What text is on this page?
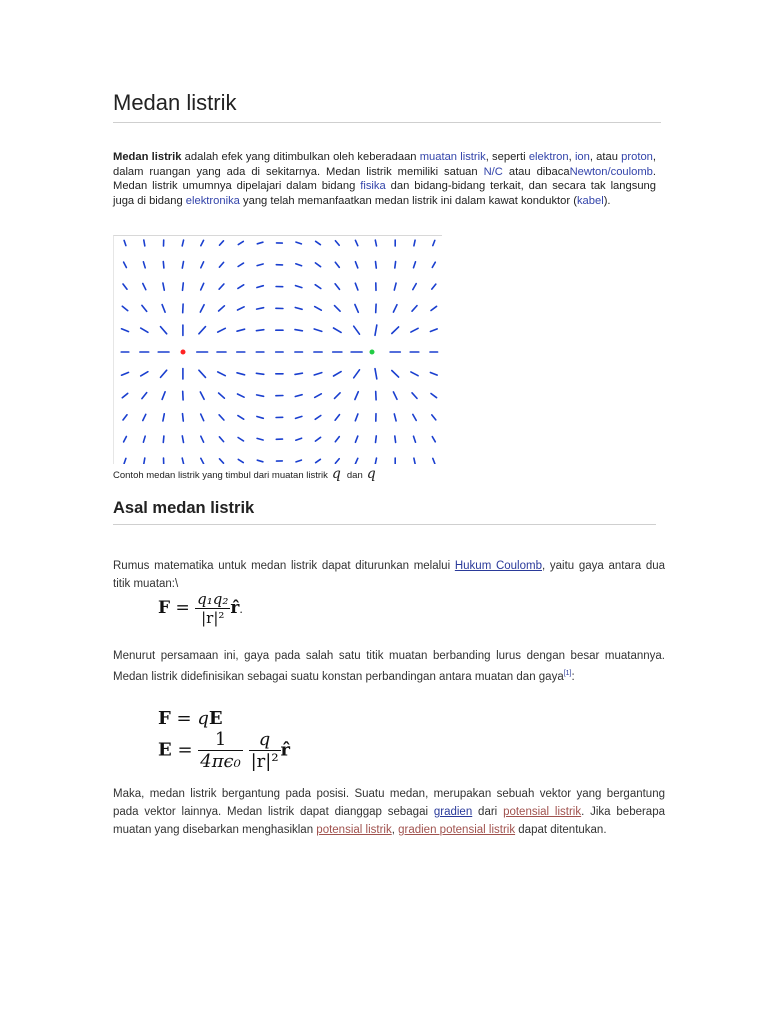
Medan listrik

Medan listrik adalah efek yang ditimbulkan oleh keberadaan muatan listrik, seperti elektron, ion, atau proton, dalam ruangan yang ada di sekitarnya. Medan listrik memiliki satuan N/C atau dibacaNewton/coulomb. Medan listrik umumnya dipelajari dalam bidang fisika dan bidang-bidang terkait, dan secara tak langsung juga di bidang elektronika yang telah memanfaatkan medan listrik ini dalam kawat konduktor (kabel).

Contoh medan listrik yang timbul dari muatan listrik q dan q
Asal medan listrik

Rumus matematika untuk medan listrik dapat diturunkan melalui Hukum Coulomb, yaitu gaya antara dua titik muatan:\

$F = \frac{\text{q₁q₂}}{\text{|r|²}}$ r̂.

Menurut persamaan ini, gaya pada salah satu titik muatan berbanding lurus dengan besar muatannya. Medan listrik didefinisikan sebagai suatu konstan perbandingan antara muatan dan gaya[1]:

F = qE
$E = \frac{1}{\text{4πϵ₀}}$
$\frac{q}{\text{|r|²}}$ r̂

Maka, medan listrik bergantung pada posisi. Suatu medan, merupakan sebuah vektor yang bergantung pada vektor lainnya. Medan listrik dapat dianggap sebagai gradien dari potensial listrik. Jika beberapa muatan yang disebarkan menghasiklan potensial listrik, gradien potensial listrik dapat ditentukan.
